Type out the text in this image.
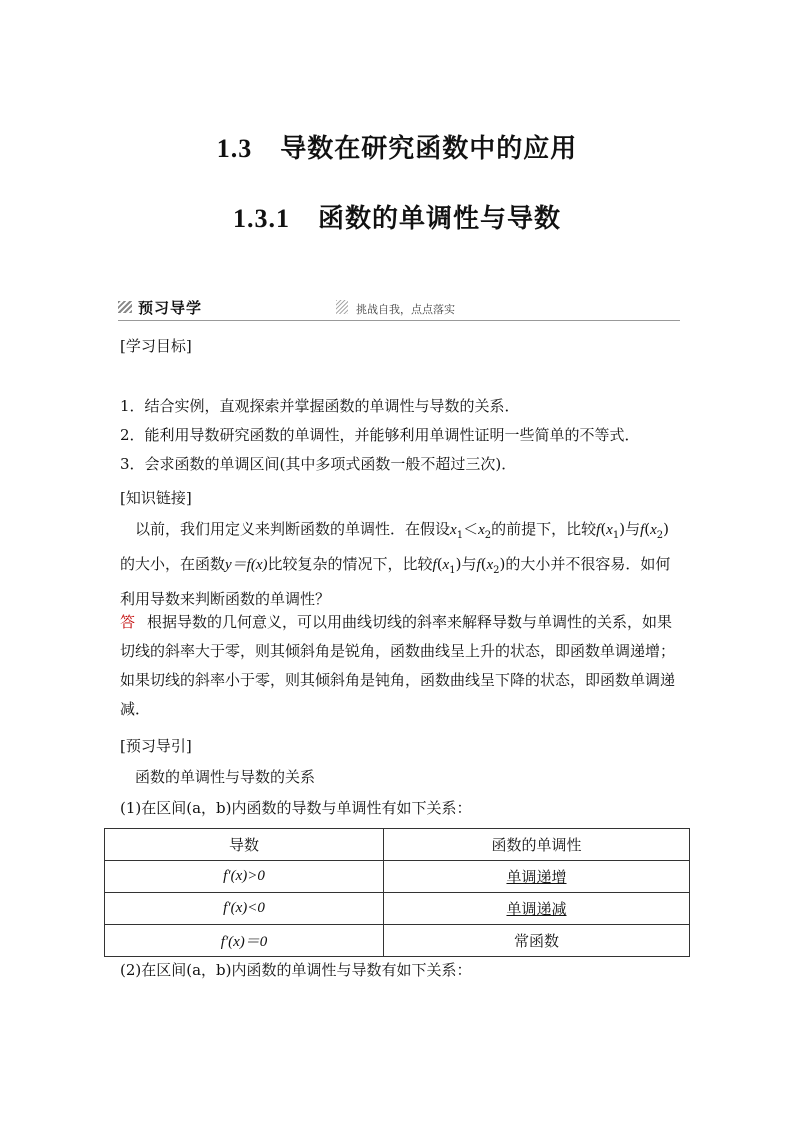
1.3 导数在研究函数中的应用
1.3.1 函数的单调性与导数
预习导学	挑战自我，点点落实
[学习目标]
1．结合实例，直观探索并掌握函数的单调性与导数的关系．
2．能利用导数研究函数的单调性，并能够利用单调性证明一些简单的不等式．
3．会求函数的单调区间(其中多项式函数一般不超过三次)．
[知识链接]
以前，我们用定义来判断函数的单调性．在假设$x_1<x_2$的前提下，比较$f(x_1)$与$f(x_2)$的大小，在函数y＝f(x)比较复杂的情况下，比较$f(x_1)$与$f(x_2)$的大小并不很容易．如何利用导数来判断函数的单调性？
答 根据导数的几何意义，可以用曲线切线的斜率来解释导数与单调性的关系，如果切线的斜率大于零，则其倾斜角是锐角，函数曲线呈上升的状态，即函数单调递增；如果切线的斜率小于零，则其倾斜角是钝角，函数曲线呈下降的状态，即函数单调递减．
[预习导引]
函数的单调性与导数的关系
(1)在区间(a，b)内函数的导数与单调性有如下关系：
导数	函数的单调性
f′(x)>0	单调递增
f′(x)<0	单调递减
f′(x)＝0	常函数
(2)在区间(a，b)内函数的单调性与导数有如下关系：
